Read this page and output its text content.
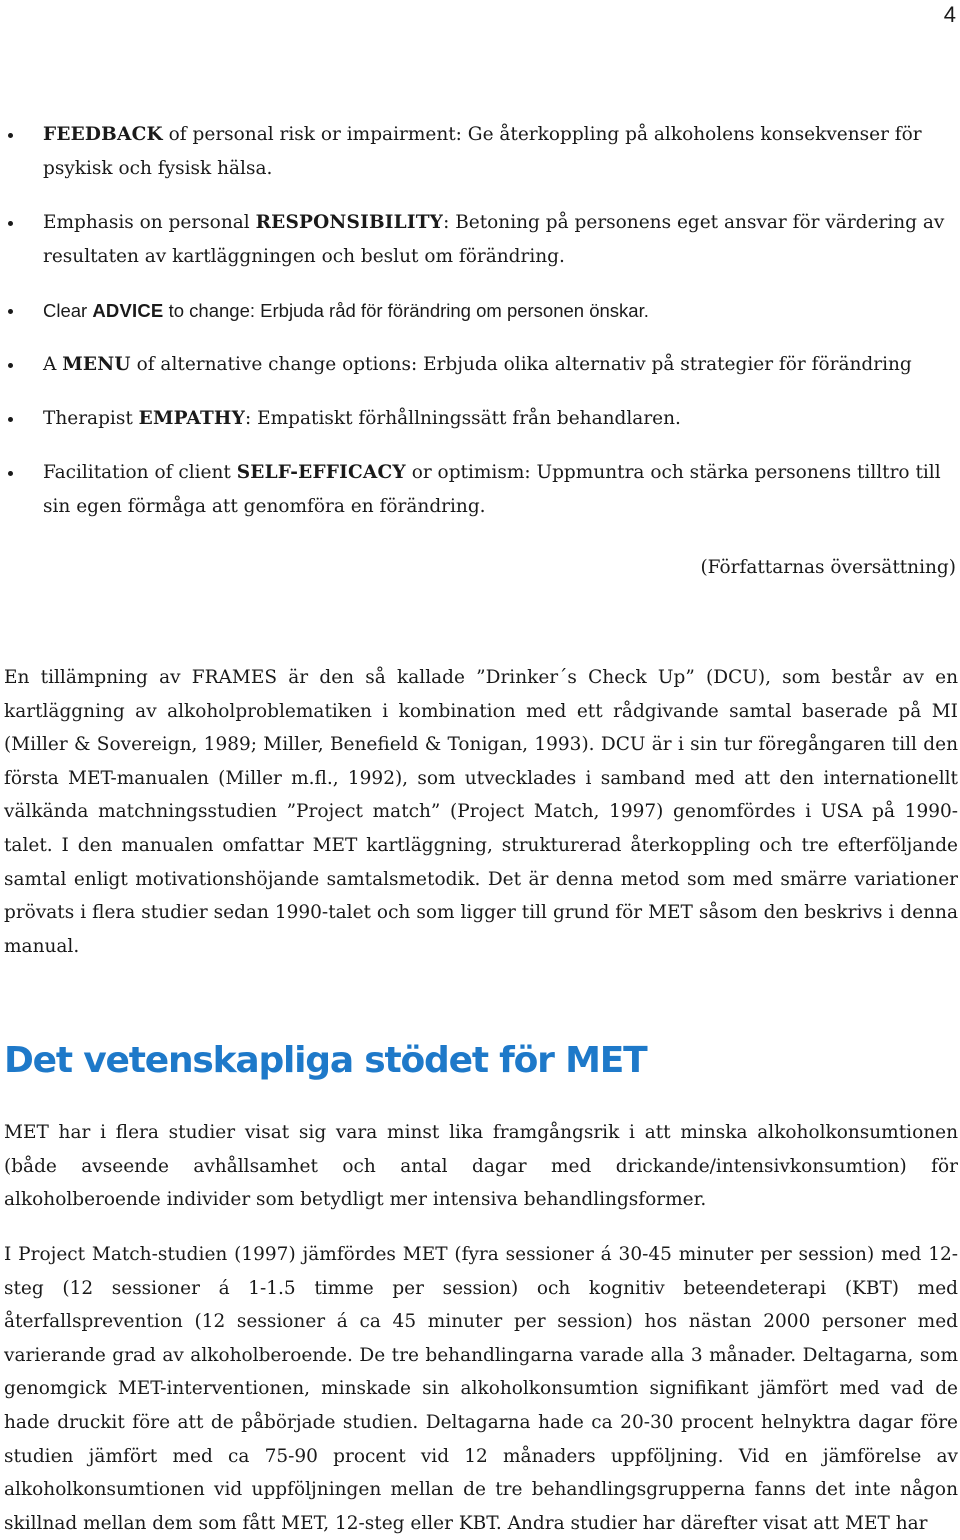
4
FEEDBACK of personal risk or impairment: Ge återkoppling på alkoholens konsekvenser för psykisk och fysisk hälsa.
Emphasis on personal RESPONSIBILITY: Betoning på personens eget ansvar för värdering av resultaten av kartläggningen och beslut om förändring.
Clear ADVICE to change: Erbjuda råd för förändring om personen önskar.
A MENU of alternative change options: Erbjuda olika alternativ på strategier för förändring
Therapist EMPATHY: Empatiskt förhållningssätt från behandlaren.
Facilitation of client SELF-EFFICACY or optimism: Uppmuntra och stärka personens tilltro till sin egen förmåga att genomföra en förändring.
(Författarnas översättning)

En tillämpning av FRAMES är den så kallade ”Drinker´s Check Up” (DCU), som består av en kartläggning av alkoholproblematiken i kombination med ett rådgivande samtal baserade på MI (Miller & Sovereign, 1989; Miller, Benefield & Tonigan, 1993). DCU är i sin tur föregångaren till den första MET-manualen (Miller m.fl., 1992), som utvecklades i samband med att den internationellt välkända matchningsstudien ”Project match” (Project Match, 1997) genomfördes i USA på 1990-talet. I den manualen omfattar MET kartläggning, strukturerad återkoppling och tre efterföljande samtal enligt motivationshöjande samtalsmetodik. Det är denna metod som med smärre variationer prövats i flera studier sedan 1990-talet och som ligger till grund för MET såsom den beskrivs i denna manual.

Det vetenskapliga stödet för MET

MET har i flera studier visat sig vara minst lika framgångsrik i att minska alkoholkonsumtionen (både avseende avhållsamhet och antal dagar med drickande/intensivkonsumtion) för alkoholberoende individer som betydligt mer intensiva behandlingsformer.

I Project Match-studien (1997) jämfördes MET (fyra sessioner á 30-45 minuter per session) med 12-steg (12 sessioner á 1-1.5 timme per session) och kognitiv beteendeterapi (KBT) med återfallsprevention (12 sessioner á ca 45 minuter per session) hos nästan 2000 personer med varierande grad av alkoholberoende. De tre behandlingarna varade alla 3 månader. Deltagarna, som genomgick MET-interventionen, minskade sin alkoholkonsumtion signifikant jämfört med vad de hade druckit före att de påbörjade studien. Deltagarna hade ca 20-30 procent helnyktra dagar före studien jämfört med ca 75-90 procent vid 12 månaders uppföljning. Vid en jämförelse av alkoholkonsumtionen vid uppföljningen mellan de tre behandlingsgrupperna fanns det inte någon skillnad mellan dem som fått MET, 12-steg eller KBT. Andra studier har därefter visat att MET har
